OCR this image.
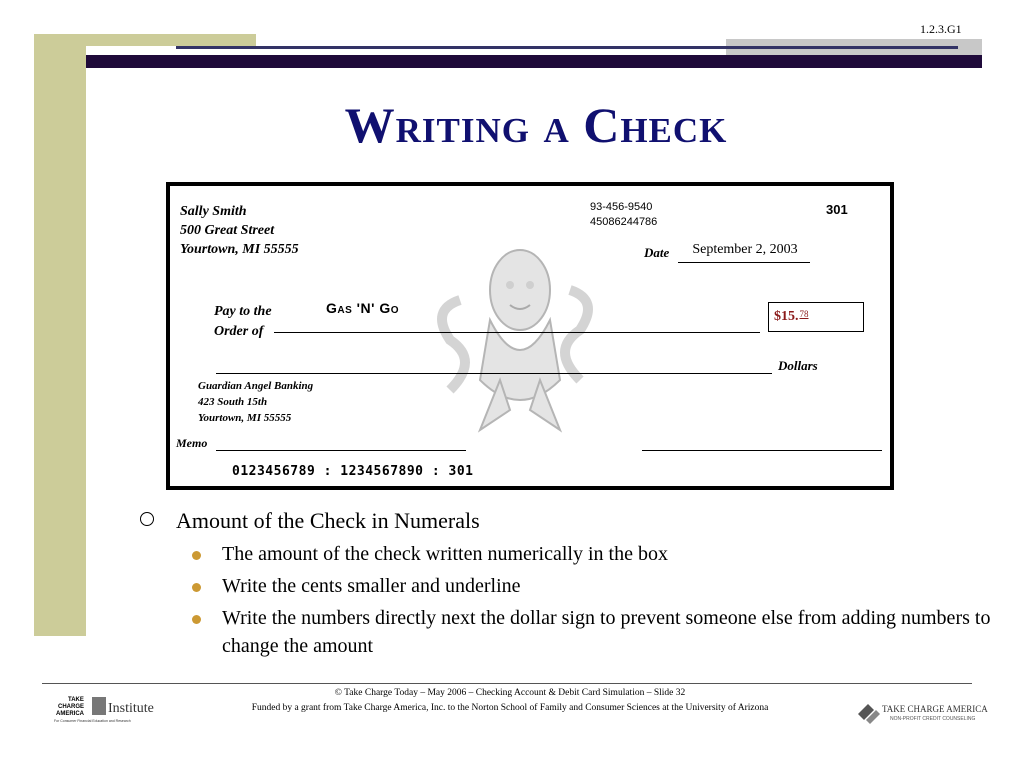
1.2.3.G1
Writing a Check
Sally Smith
500 Great Street
Yourtown, MI 55555
93-456-9540
45086244786
301
Date	September 2, 2003
Pay to the
Order of
Gas 'N' Go
$15.78
Dollars
Guardian Angel Banking
423 South 15th
Yourtown, MI 55555
Memo
0123456789 : 1234567890 : 301
Amount of the Check in Numerals
The amount of the check written numerically in the box
Write the cents smaller and underline
Write the numbers directly next the dollar sign to prevent someone else from adding numbers to change the amount
© Take Charge Today – May 2006 – Checking Account & Debit Card Simulation – Slide 32
Funded by a grant from Take Charge America, Inc. to the Norton School of Family and Consumer Sciences at the University of Arizona
TAKE
CHARGE
AMERICA Institute
For Consumer Financial Education and Research
TAKE CHARGE AMERICA
NON-PROFIT CREDIT COUNSELING
